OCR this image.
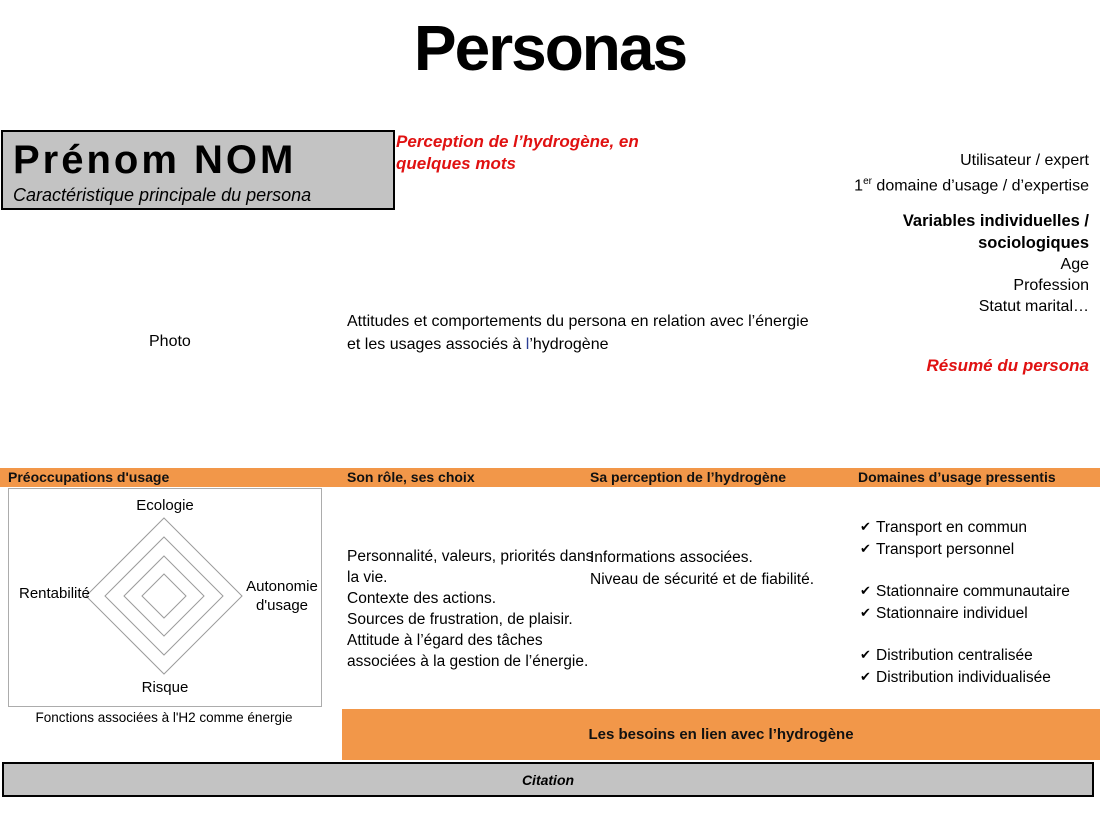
Personas
Prénom NOM
Caractéristique principale du persona
Perception de l’hydrogène, en quelques mots	Utilisateur / expert
1er domaine d’usage / d’expertise
Variables individuelles /
sociologiques
Age
Profession
Statut marital…
Photo
Attitudes et comportements du persona en relation avec l’énergie
et les usages associés à l’hydrogène
Résumé du persona
Préoccupations d'usage	Son rôle, ses choix	Sa perception de l’hydrogène	Domaines d’usage pressentis
Ecologie
Rentabilité	Autonomie
d'usage
Risque
Fonctions associées à l'H2 comme énergie
Personnalité, valeurs, priorités dans la vie.
Contexte des actions.
Sources de frustration, de plaisir.
Attitude à l’égard des tâches associées à la gestion de l’énergie.
Informations associées.
Niveau de sécurité et de fiabilité.
✔ Transport en commun
✔ Transport personnel
✔ Stationnaire communautaire
✔ Stationnaire individuel
✔ Distribution centralisée
✔ Distribution individualisée
Les besoins en lien avec l’hydrogène
Citation
